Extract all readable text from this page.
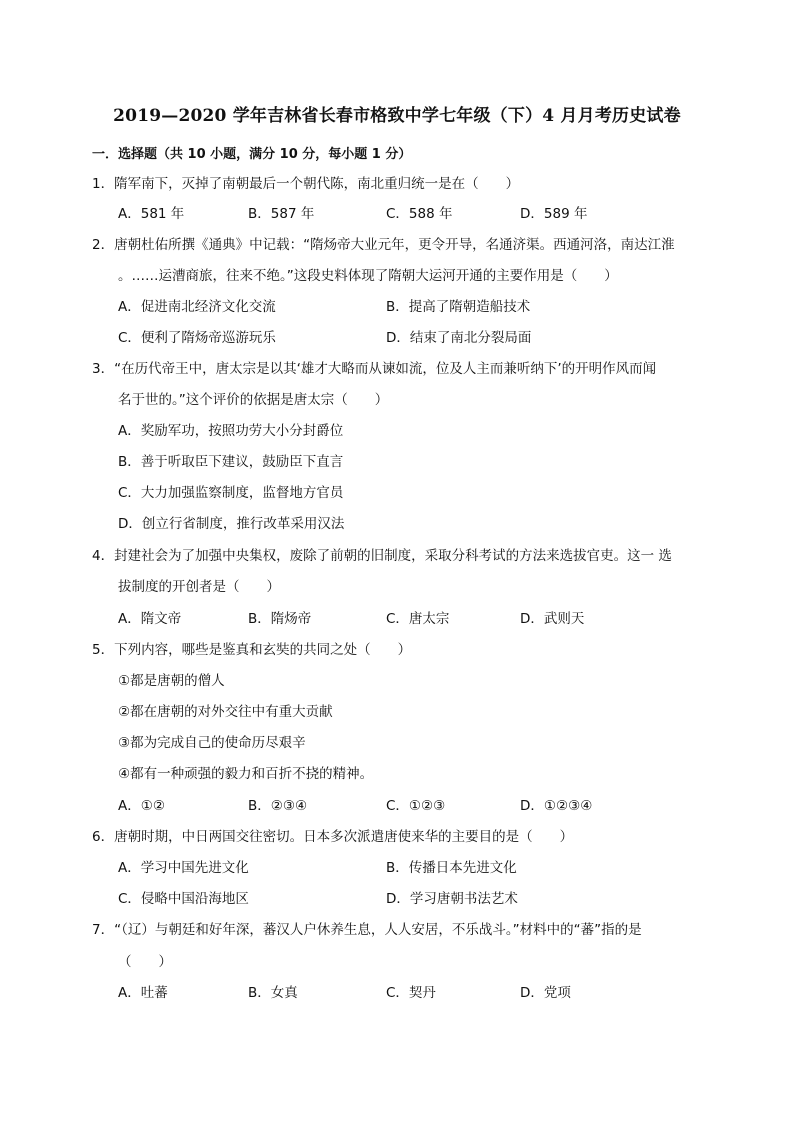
2019—2020 学年吉林省长春市格致中学七年级（下）4 月月考历史试卷
一．选择题（共 10 小题，满分 10 分，每小题 1 分）
1．隋军南下，灭掉了南朝最后一个朝代陈，南北重归统一是在（　　）
A．581 年	B．587 年	C．588 年	D．589 年
2．唐朝杜佑所撰《通典》中记载：“隋炀帝大业元年，更令开导，名通济渠。西通河洛，南达江淮
。……运漕商旅，往来不绝。”这段史料体现了隋朝大运河开通的主要作用是（　　）
A．促进南北经济文化交流	B．提高了隋朝造船技术
C．便利了隋炀帝巡游玩乐	D．结束了南北分裂局面
3．“在历代帝王中，唐太宗是以其‘雄才大略而从谏如流，位及人主而兼听纳下’的开明作风而闻
名于世的。”这个评价的依据是唐太宗（　　）
A．奖励军功，按照功劳大小分封爵位
B．善于听取臣下建议，鼓励臣下直言
C．大力加强监察制度，监督地方官员
D．创立行省制度，推行改革采用汉法
4．封建社会为了加强中央集权，废除了前朝的旧制度，采取分科考试的方法来选拔官吏。这一 选
拔制度的开创者是（　　）
A．隋文帝	B．隋炀帝	C．唐太宗	D．武则天
5．下列内容，哪些是鉴真和玄奘的共同之处（　　）
①都是唐朝的僧人
②都在唐朝的对外交往中有重大贡献
③都为完成自己的使命历尽艰辛
④都有一种顽强的毅力和百折不挠的精神。
A．①②	B．②③④	C．①②③	D．①②③④
6．唐朝时期，中日两国交往密切。日本多次派遣唐使来华的主要目的是（　　）
A．学习中国先进文化	B．传播日本先进文化
C．侵略中国沿海地区	D．学习唐朝书法艺术
7．“（辽）与朝廷和好年深，蕃汉人户休养生息，人人安居，不乐战斗。”材料中的“蕃”指的是
（　　）
A．吐蕃	B．女真	C．契丹	D．党项
